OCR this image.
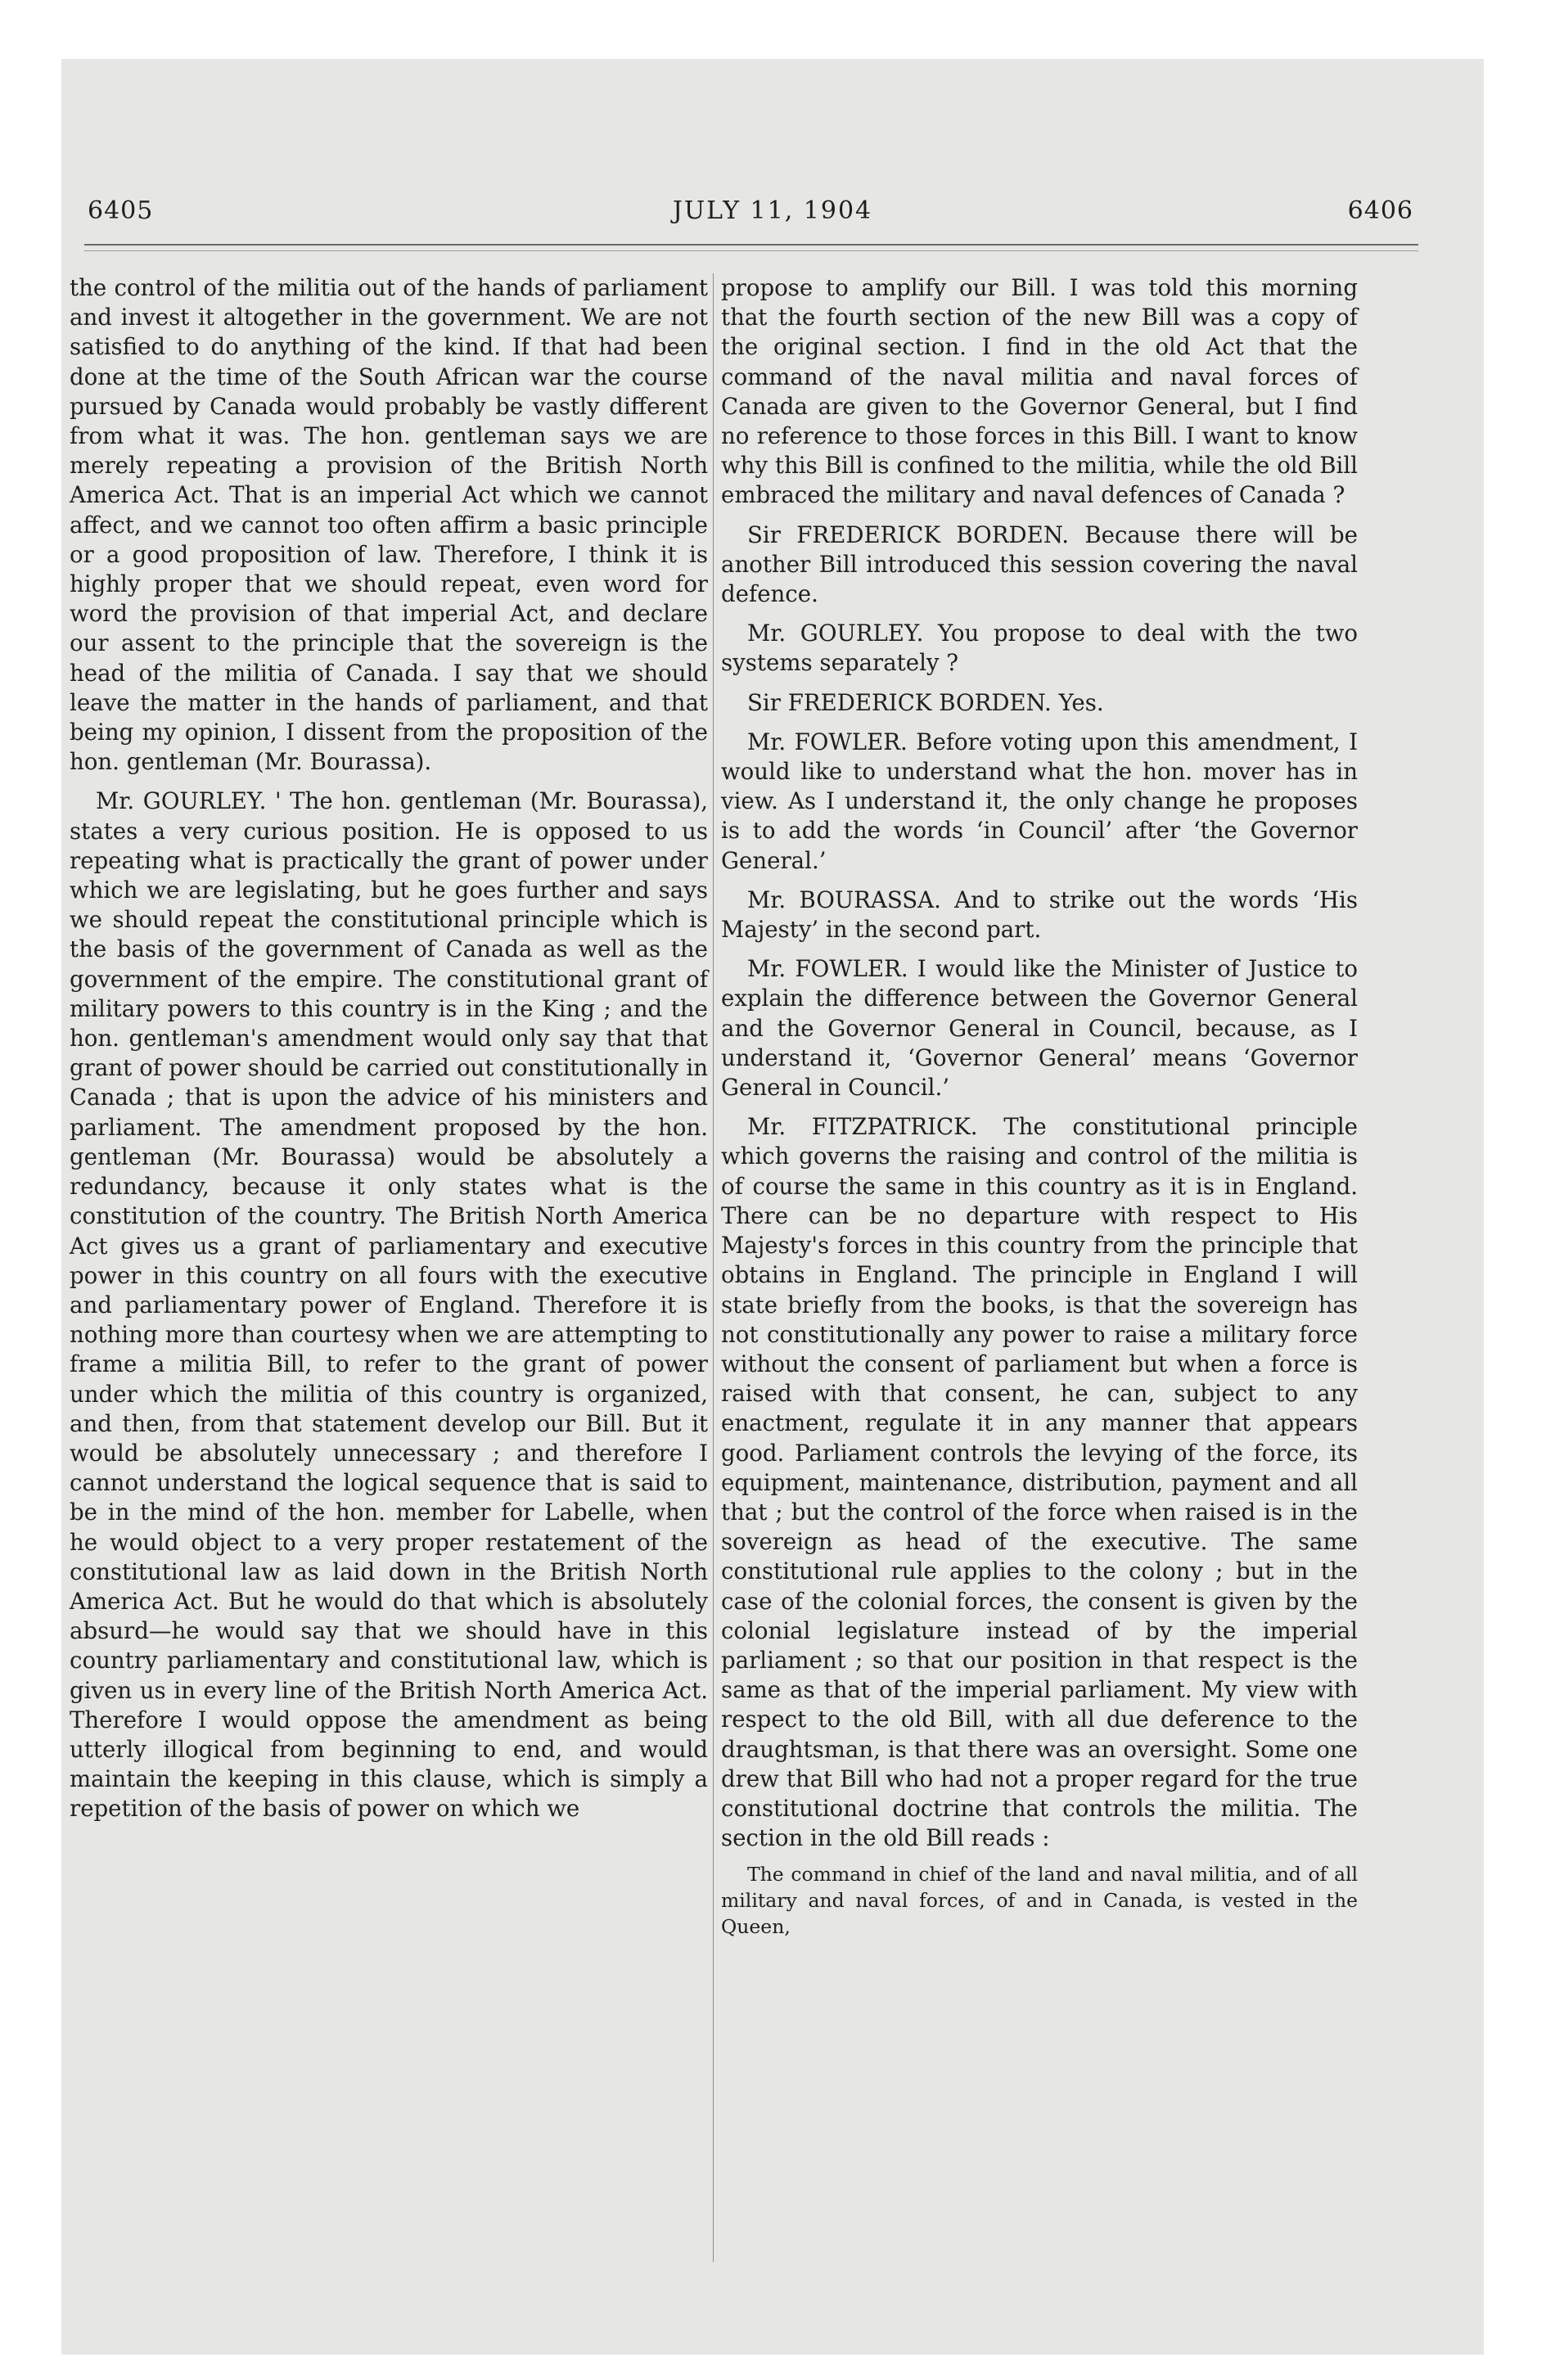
6405	JULY 11, 1904	6406

the control of the militia out of the hands of parliament and invest it altogether in the government. We are not satisfied to do anything of the kind. If that had been done at the time of the South African war the course pursued by Canada would probably be vastly different from what it was. The hon. gentleman says we are merely repeating a provision of the British North America Act. That is an imperial Act which we cannot affect, and we cannot too often affirm a basic principle or a good proposition of law. Therefore, I think it is highly proper that we should repeat, even word for word the provision of that imperial Act, and declare our assent to the principle that the sovereign is the head of the militia of Canada. I say that we should leave the matter in the hands of parliament, and that being my opinion, I dissent from the proposition of the hon. gentleman (Mr. Bourassa).

Mr. GOURLEY. ' The hon. gentleman (Mr. Bourassa), states a very curious position. He is opposed to us repeating what is practically the grant of power under which we are legislating, but he goes further and says we should repeat the constitutional principle which is the basis of the government of Canada as well as the government of the empire. The constitutional grant of military powers to this country is in the King ; and the hon. gentleman's amendment would only say that that grant of power should be carried out constitutionally in Canada ; that is upon the advice of his ministers and parliament. The amendment proposed by the hon. gentleman (Mr. Bourassa) would be absolutely a redundancy, because it only states what is the constitution of the country. The British North America Act gives us a grant of parliamentary and executive power in this country on all fours with the executive and parliamentary power of England. Therefore it is nothing more than courtesy when we are attempting to frame a militia Bill, to refer to the grant of power under which the militia of this country is organized, and then, from that statement develop our Bill. But it would be absolutely unnecessary ; and therefore I cannot understand the logical sequence that is said to be in the mind of the hon. member for Labelle, when he would object to a very proper restatement of the constitutional law as laid down in the British North America Act. But he would do that which is absolutely absurd—he would say that we should have in this country parliamentary and constitutional law, which is given us in every line of the British North America Act. Therefore I would oppose the amendment as being utterly illogical from beginning to end, and would maintain the keeping in this clause, which is simply a repetition of the basis of power on which we

propose to amplify our Bill. I was told this morning that the fourth section of the new Bill was a copy of the original section. I find in the old Act that the command of the naval militia and naval forces of Canada are given to the Governor General, but I find no reference to those forces in this Bill. I want to know why this Bill is confined to the militia, while the old Bill embraced the military and naval defences of Canada ?

Sir FREDERICK BORDEN. Because there will be another Bill introduced this session covering the naval defence.

Mr. GOURLEY. You propose to deal with the two systems separately ?

Sir FREDERICK BORDEN. Yes.

Mr. FOWLER. Before voting upon this amendment, I would like to understand what the hon. mover has in view. As I understand it, the only change he proposes is to add the words ‘in Council’ after ‘the Governor General.’

Mr. BOURASSA. And to strike out the words ‘His Majesty’ in the second part.

Mr. FOWLER. I would like the Minister of Justice to explain the difference between the Governor General and the Governor General in Council, because, as I understand it, ‘Governor General’ means ‘Governor General in Council.’

Mr. FITZPATRICK. The constitutional principle which governs the raising and control of the militia is of course the same in this country as it is in England. There can be no departure with respect to His Majesty's forces in this country from the principle that obtains in England. The principle in England I will state briefly from the books, is that the sovereign has not constitutionally any power to raise a military force without the consent of parliament but when a force is raised with that consent, he can, subject to any enactment, regulate it in any manner that appears good. Parliament controls the levying of the force, its equipment, maintenance, distribution, payment and all that ; but the control of the force when raised is in the sovereign as head of the executive. The same constitutional rule applies to the colony ; but in the case of the colonial forces, the consent is given by the colonial legislature instead of by the imperial parliament ; so that our position in that respect is the same as that of the imperial parliament. My view with respect to the old Bill, with all due deference to the draughtsman, is that there was an oversight. Some one drew that Bill who had not a proper regard for the true constitutional doctrine that controls the militia. The section in the old Bill reads :

The command in chief of the land and naval militia, and of all military and naval forces, of and in Canada, is vested in the Queen,
